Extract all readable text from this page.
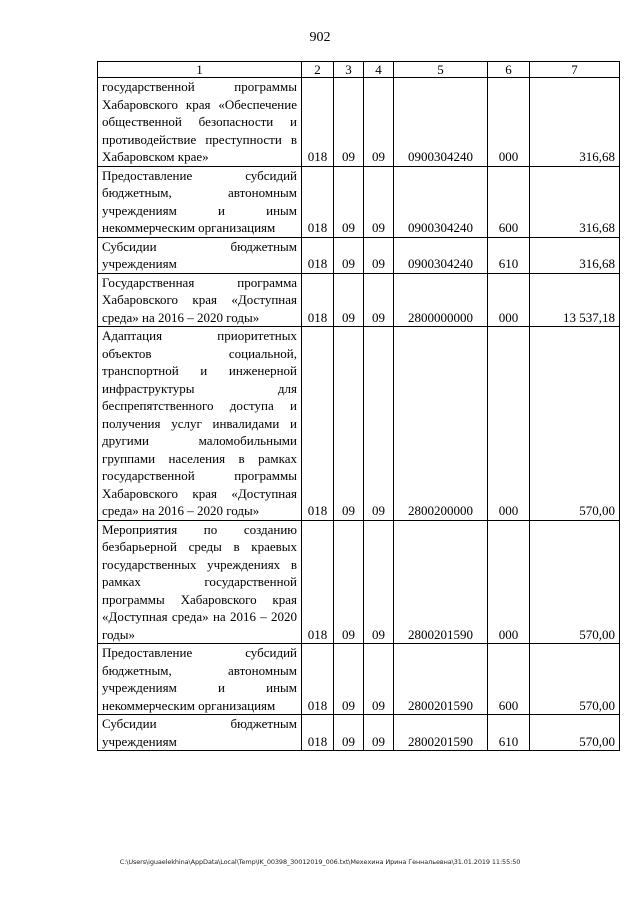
902
1	2	3	4	5	6	7
государственной программы Хабаровского края «Обеспечение общественной безопасности и противодействие преступности в Хабаровском крае»	018	09	09	0900304240	000	316,68
Предоставление субсидий бюджетным, автономным учреждениям и иным некоммерческим организациям	018	09	09	0900304240	600	316,68
Субсидии бюджетным учреждениям	018	09	09	0900304240	610	316,68
Государственная программа Хабаровского края «Доступная среда» на 2016 – 2020 годы»	018	09	09	2800000000	000	13 537,18
Адаптация приоритетных объектов социальной, транспортной и инженерной инфраструктуры для беспрепятственного доступа и получения услуг инвалидами и другими маломобильными группами населения в рамках государственной программы Хабаровского края «Доступная среда» на 2016 – 2020 годы»	018	09	09	2800200000	000	570,00
Мероприятия по созданию безбарьерной среды в краевых государственных учреждениях в рамках государственной программы Хабаровского края «Доступная среда» на 2016 – 2020 годы»	018	09	09	2800201590	000	570,00
Предоставление субсидий бюджетным, автономным учреждениям и иным некоммерческим организациям	018	09	09	2800201590	600	570,00
Субсидии бюджетным учреждениям	018	09	09	2800201590	610	570,00
C:\Users\iguaelekhina\AppData\Local\Temp\IK_00398_30012019_006.txt\Мехехина Ирина Геннальевна\31.01.2019 11:55:50
